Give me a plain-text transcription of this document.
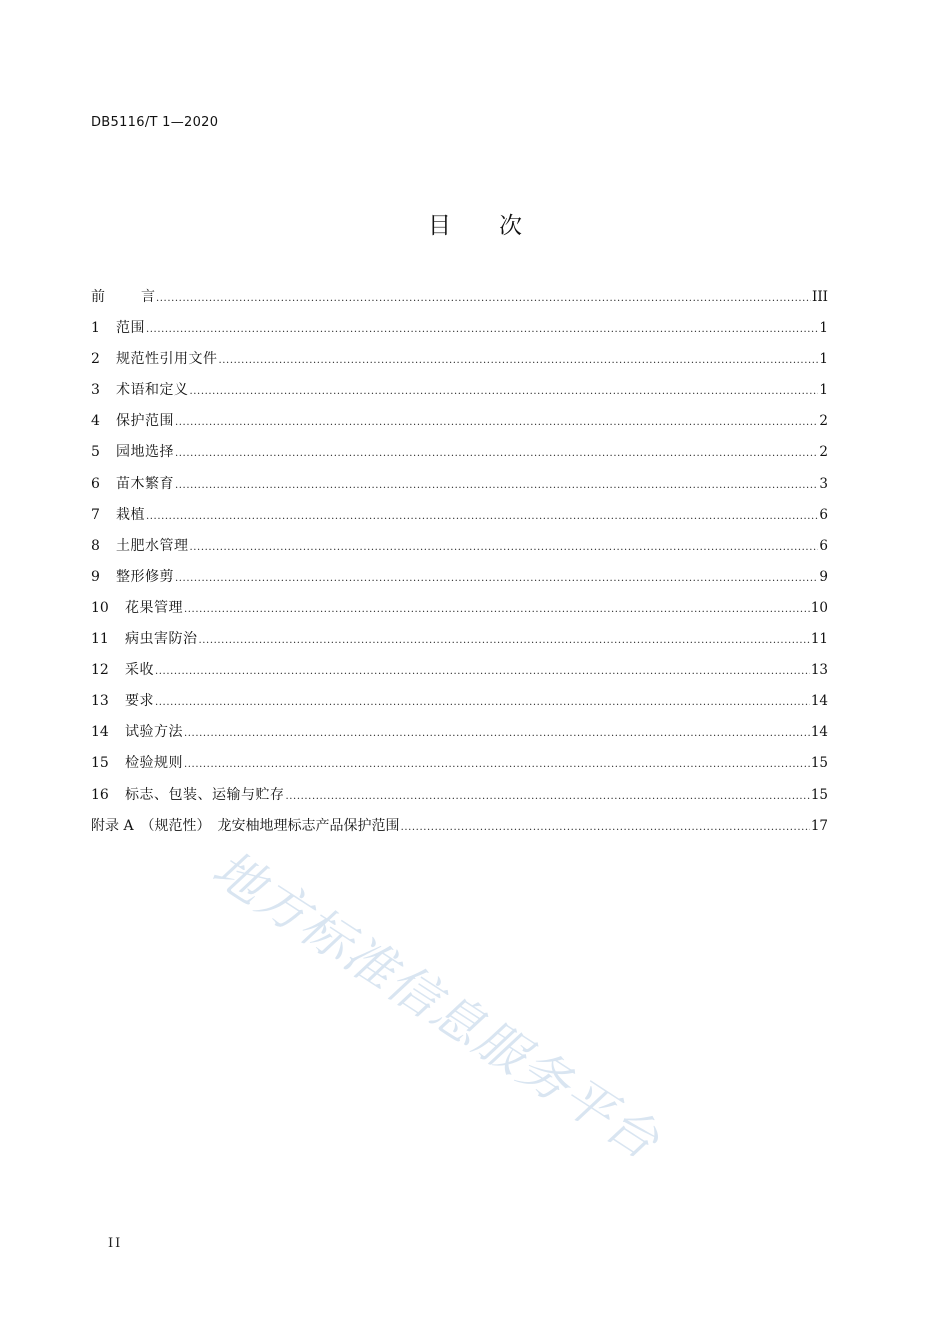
DB5116/T 1—2020
目 次
前	言 .....	III
1	范围 .....	1
2	规范性引用文件 .....	1
3	术语和定义 .....	1
4	保护范围 .....	2
5	园地选择 .....	2
6	苗木繁育 .....	3
7	栽植 .....	6
8	土肥水管理 .....	6
9	整形修剪 .....	9
10	花果管理 .....	10
11	病虫害防治 .....	11
12	采收 .....	13
13	要求 .....	14
14	试验方法 .....	14
15	检验规则 .....	15
16	标志、包装、运输与贮存 .....	15
附录 A　（规范性）　龙安柚地理标志产品保护范围 .....	17
地方标准信息服务平台
II
